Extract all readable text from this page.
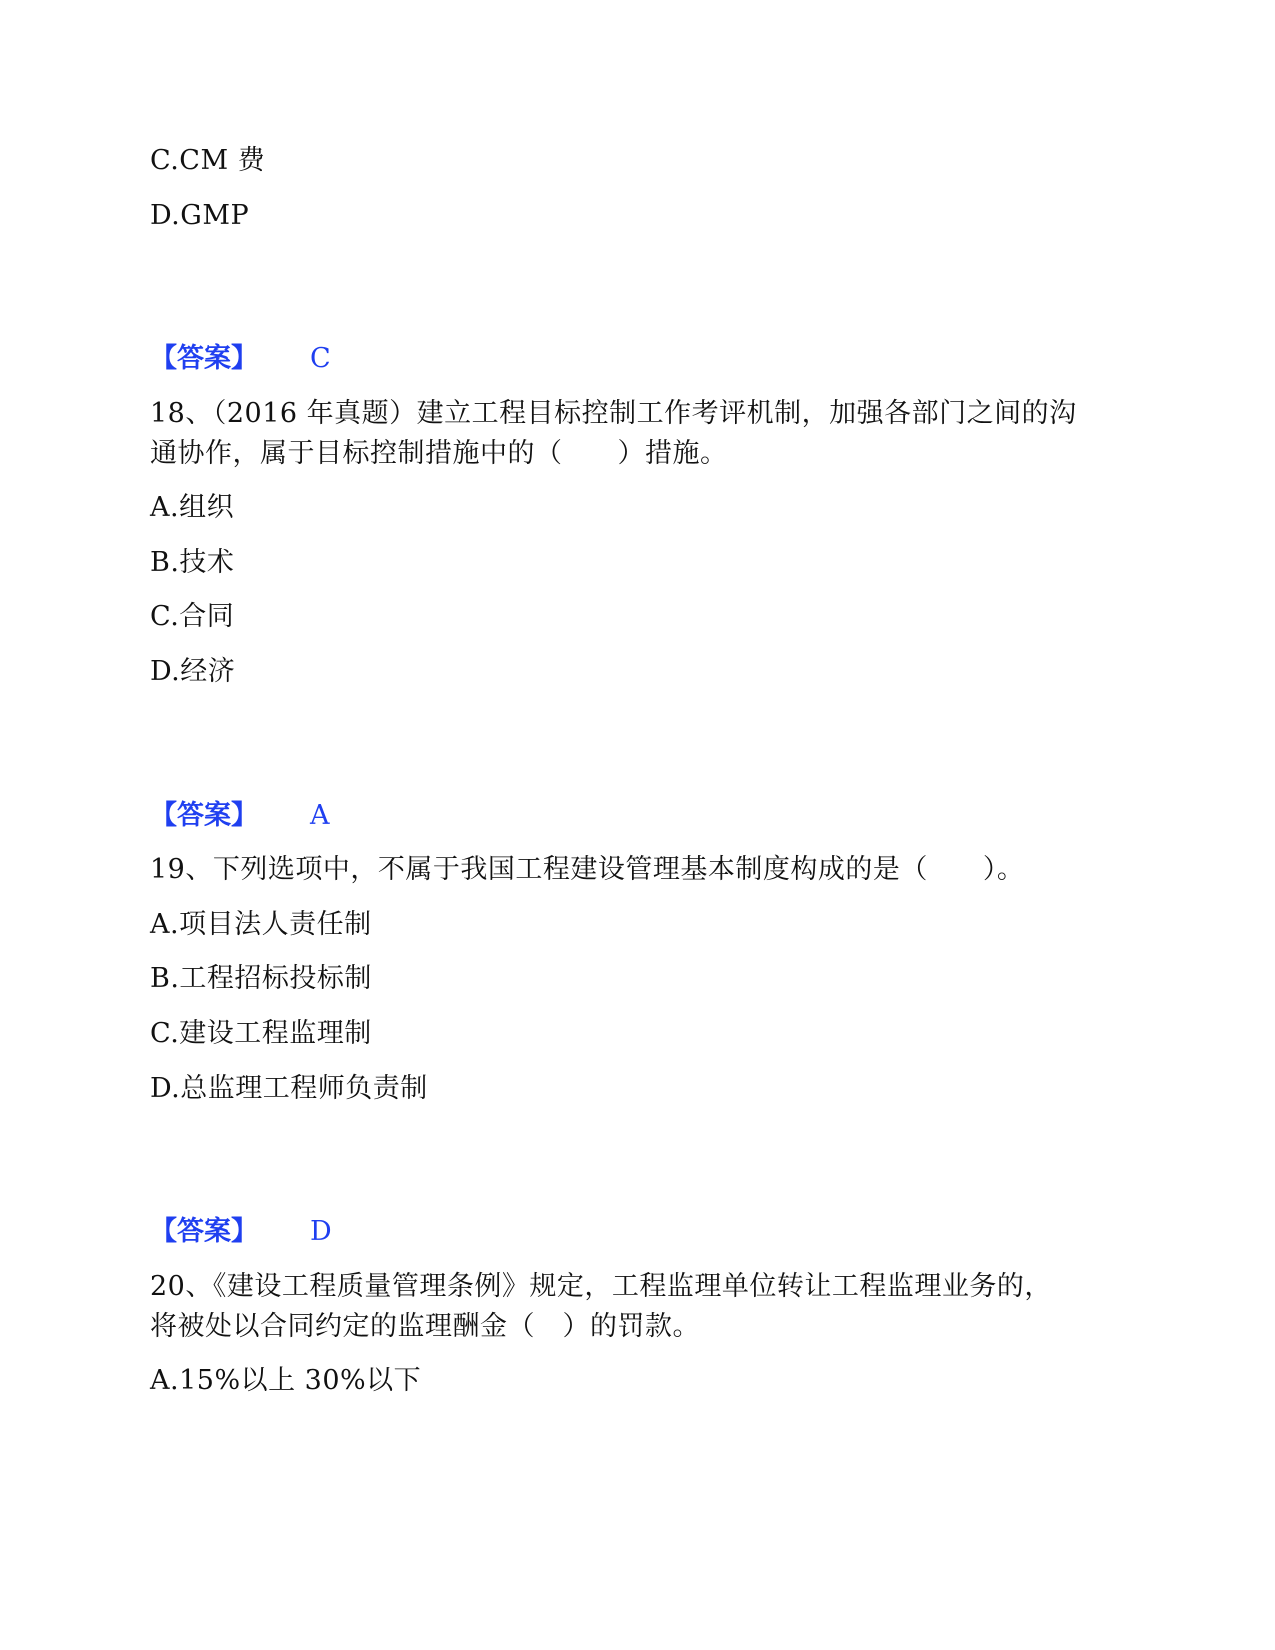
C.CM 费
D.GMP
【答案】 C
18、（2016 年真题）建立工程目标控制工作考评机制，加强各部门之间的沟
通协作，属于目标控制措施中的（　　）措施。
A.组织
B.技术
C.合同
D.经济
【答案】 A
19、下列选项中，不属于我国工程建设管理基本制度构成的是（　　）。
A.项目法人责任制
B.工程招标投标制
C.建设工程监理制
D.总监理工程师负责制
【答案】 D
20、《建设工程质量管理条例》规定，工程监理单位转让工程监理业务的，
将被处以合同约定的监理酬金（　）的罚款。
A.15%以上 30%以下
